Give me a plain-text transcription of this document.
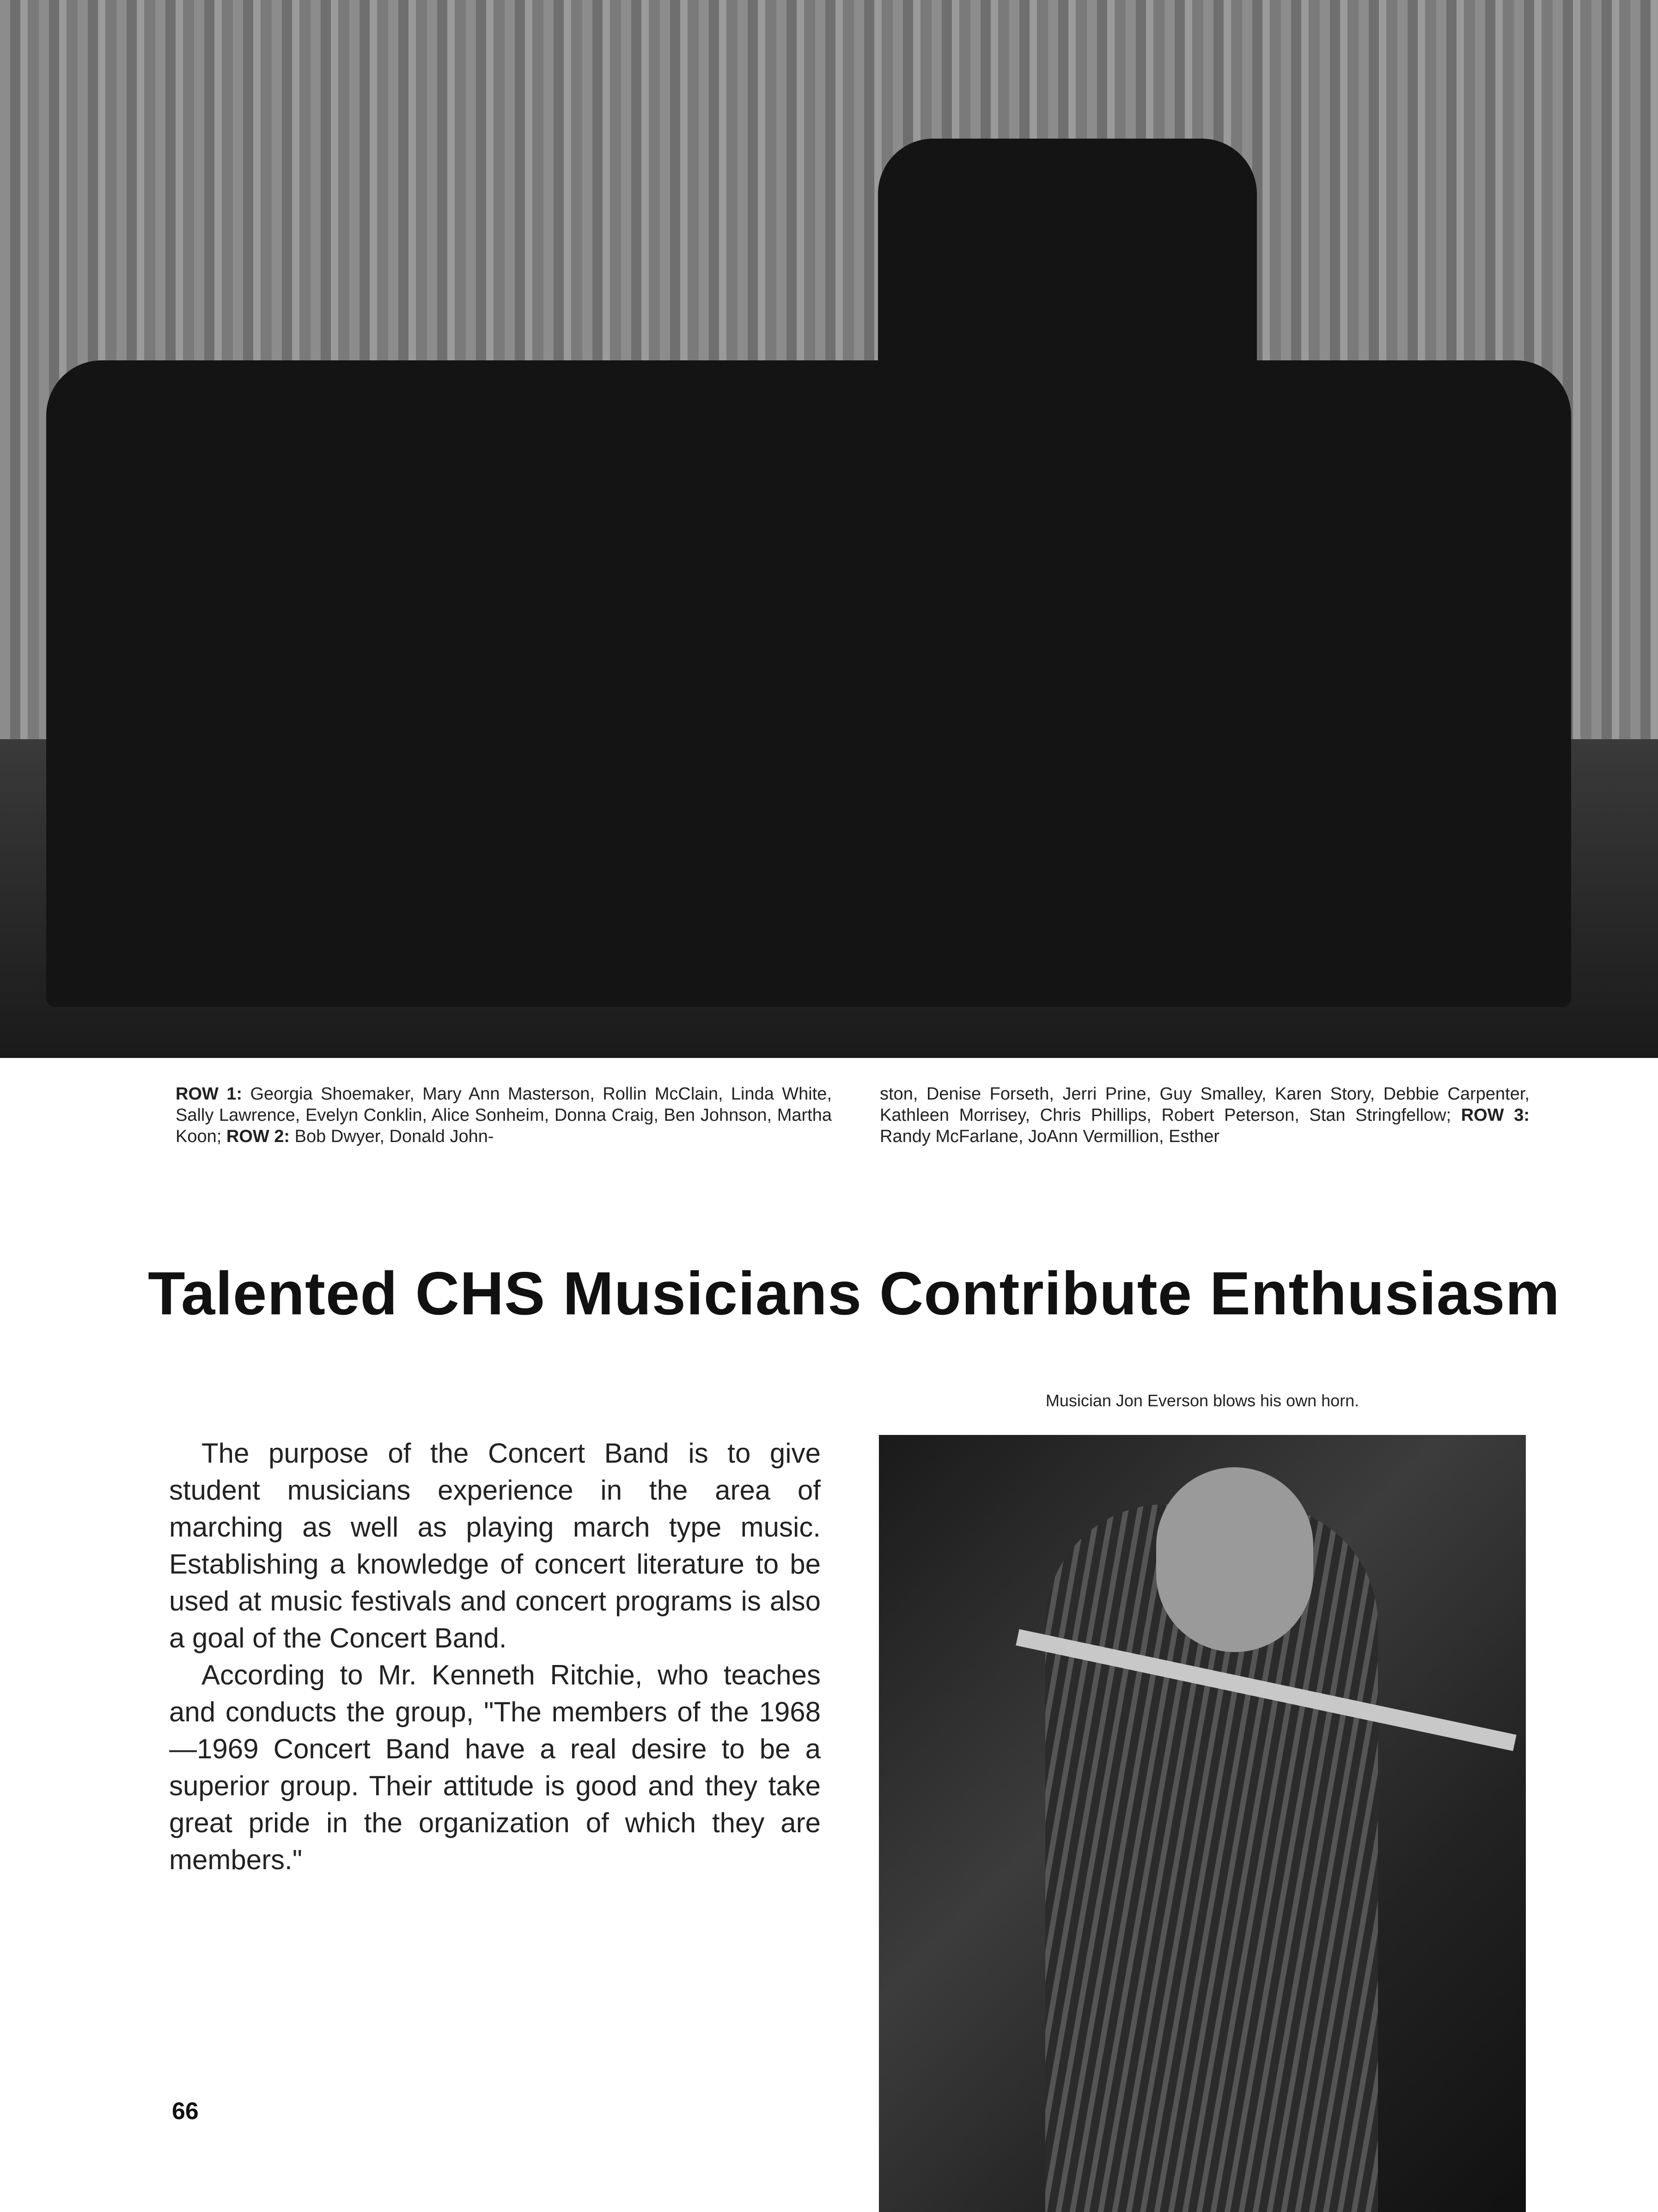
ROW 1: Georgia Shoemaker, Mary Ann Masterson, Rollin McClain, Linda White, Sally Lawrence, Evelyn Conklin, Alice Sonheim, Donna Craig, Ben Johnson, Martha Koon; ROW 2: Bob Dwyer, Donald John-
ston, Denise Forseth, Jerri Prine, Guy Smalley, Karen Story, Debbie Carpenter, Kathleen Morrisey, Chris Phillips, Robert Peterson, Stan Stringfellow; ROW 3: Randy McFarlane, JoAnn Vermillion, Esther
Talented CHS Musicians Contribute Enthusiasm
Musician Jon Everson blows his own horn.

The purpose of the Concert Band is to give student musicians experience in the area of marching as well as playing march type music. Establishing a knowledge of concert literature to be used at music festivals and concert programs is also a goal of the Concert Band.

According to Mr. Kenneth Ritchie, who teaches and conducts the group, "The members of the 1968—1969 Concert Band have a real desire to be a superior group. Their attitude is good and they take great pride in the organization of which they are members."

66
